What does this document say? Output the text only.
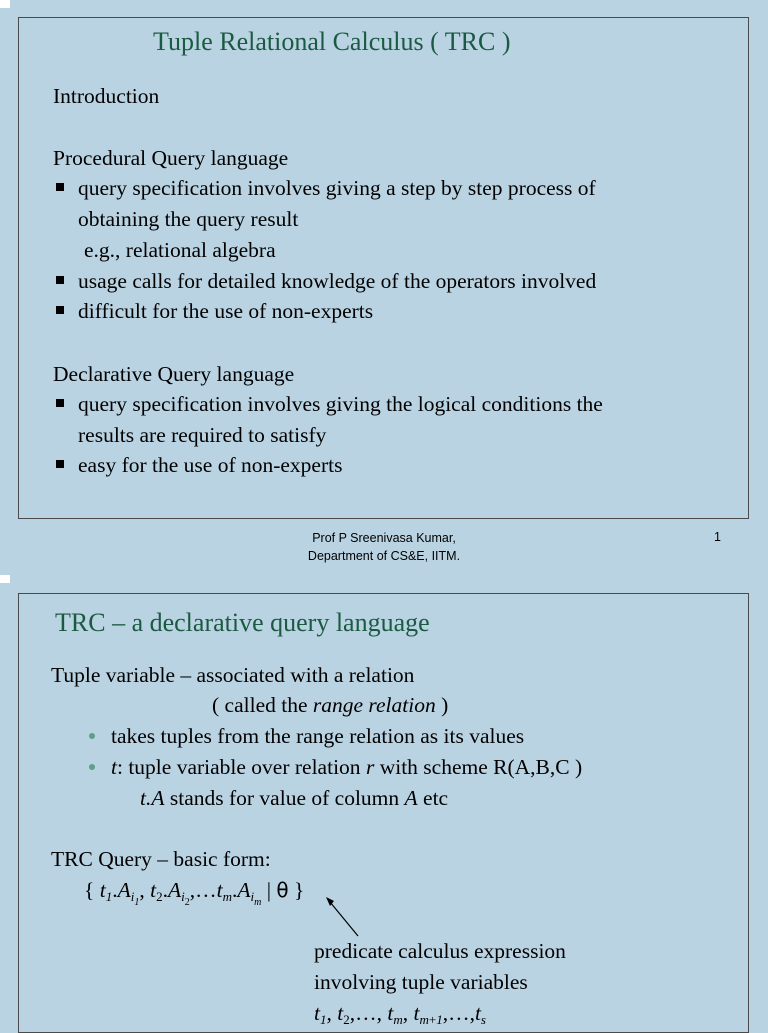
Tuple Relational Calculus ( TRC )
Introduction
Procedural Query language
query specification involves giving a step by step process of
obtaining the query result
e.g., relational algebra
usage calls for detailed knowledge of the operators involved
difficult for the use of non-experts
Declarative Query language
query specification involves giving the logical conditions the
results are required to satisfy
easy for the use of non-experts
Prof P Sreenivasa Kumar,
Department of CS&E, IITM.
1
TRC – a declarative query language
Tuple variable – associated with a relation
( called the range relation )
takes tuples from the range relation as its values
t: tuple variable over relation r with scheme R(A,B,C )
t.A stands for value of column A etc
TRC Query – basic form:
{ $t_1.A_{i_1}$, $t_2.A_{i_2},\dots t_m.A_{i_m}$ | θ }
predicate calculus expression
involving tuple variables
$t_1$, $t_2,\dots$, $t_m$, $t_{m+1},\dots,t_s$
